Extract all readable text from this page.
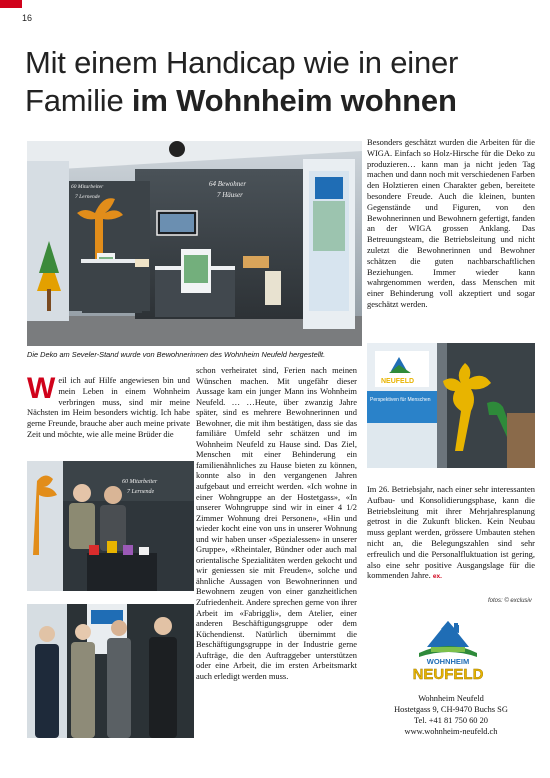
16
Mit einem Handicap wie in einer
Familie im Wohnheim wohnen
64 Bewohner
7 Häuser
60 Mitarbeiter
7 Lernende
Die Deko am Seveler-Stand wurde von Bewohnerinnen des Wohnheim Neufeld hergestellt.
NEUFELD
Perspektiven für Menschen
60 Mitarbeiter
7 Lernende
Weil ich auf Hilfe angewiesen bin und mein Leben in einem Wohnheim verbringen muss, sind mir meine Nächsten im Heim besonders wichtig. Ich habe gerne Freunde, brauche aber auch meine private Zeit und möchte, wie alle meine Brüder die
schon verheiratet sind, Ferien nach meinen Wünschen machen. Mit ungefähr dieser Aussage kam ein junger Mann ins Wohnheim Neufeld. … …Heute, über zwanzig Jahre später, sind es mehrere Bewohnerinnen und Bewohner, die mit ihm bestätigen, dass sie das familiäre Umfeld sehr schätzen und im Wohnheim Neufeld zu Hause sind. Das Ziel, Menschen mit einer Behinderung ein familienähnliches zu Hause bieten zu können, konnte also in den vergangenen Jahren aufgebaut und erreicht werden. «Ich wohne in einer Wohngruppe an der Hostetgass», «In unserer Wohngruppe sind wir in einer 4 1/2 Zimmer Wohnung drei Personen», «Hin und wieder kocht eine von uns in unserer Wohnung und wir haben unser «Spezialessen» in unserer Gruppe», «Rheintaler, Bündner oder auch mal orientalische Spezialitäten werden gekocht und wir geniessen sie mit Freuden», solche und ähnliche Aussagen von Bewohnerinnen und Bewohnern zeugen von einer ganzheitlichen Zufriedenheit. Andere sprechen gerne von ihrer Arbeit im «Fabriggli», dem Atelier, einer anderen Beschäftigungsgruppe oder dem Küchendienst. Natürlich übernimmt die Beschäftigungsgruppe in der Industrie gerne Aufträge, die den Auftraggeber unterstützen oder eine Arbeit, die im ersten Arbeitsmarkt auch erledigt werden muss.
Besonders geschätzt wurden die Arbeiten für die WIGA. Einfach so Holz-Hirsche für die Deko zu produzieren… kann man ja nicht jeden Tag machen und dann noch mit verschiedenen Farben den Holztieren einen Charakter geben, bereitete besondere Freude. Auch die kleinen, bunten Gegenstände und Figuren, von den Bewohnerinnen und Bewohnern gefertigt, fanden an der WIGA grossen Anklang. Das Betreuungsteam, die Betriebsleitung und nicht zuletzt die Bewohnerinnen und Bewohner schätzen die guten nachbarschaftlichen Beziehungen. Immer wieder kann wahrgenommen werden, dass Menschen mit einer Behinderung voll akzeptiert und sogar geschätzt werden.
Im 26. Betriebsjahr, nach einer sehr interessanten Aufbau- und Konsolidierungsphase, kann die Betriebsleitung mit ihrer Mehrjahresplanung getrost in die Zukunft blicken. Kein Neubau muss geplant werden, grössere Umbauten stehen nicht an, die Belegungszahlen sind sehr erfreulich und die Personalfluktuation ist gering, also eine sehr positive Ausgangslage für die kommenden Jahre. ex.
fotos: © exclusiv
WOHNHEIM
NEUFELD
Wohnheim Neufeld
Hostetgass 9, CH-9470 Buchs SG
Tel. +41 81 750 60 20
www.wohnheim-neufeld.ch
